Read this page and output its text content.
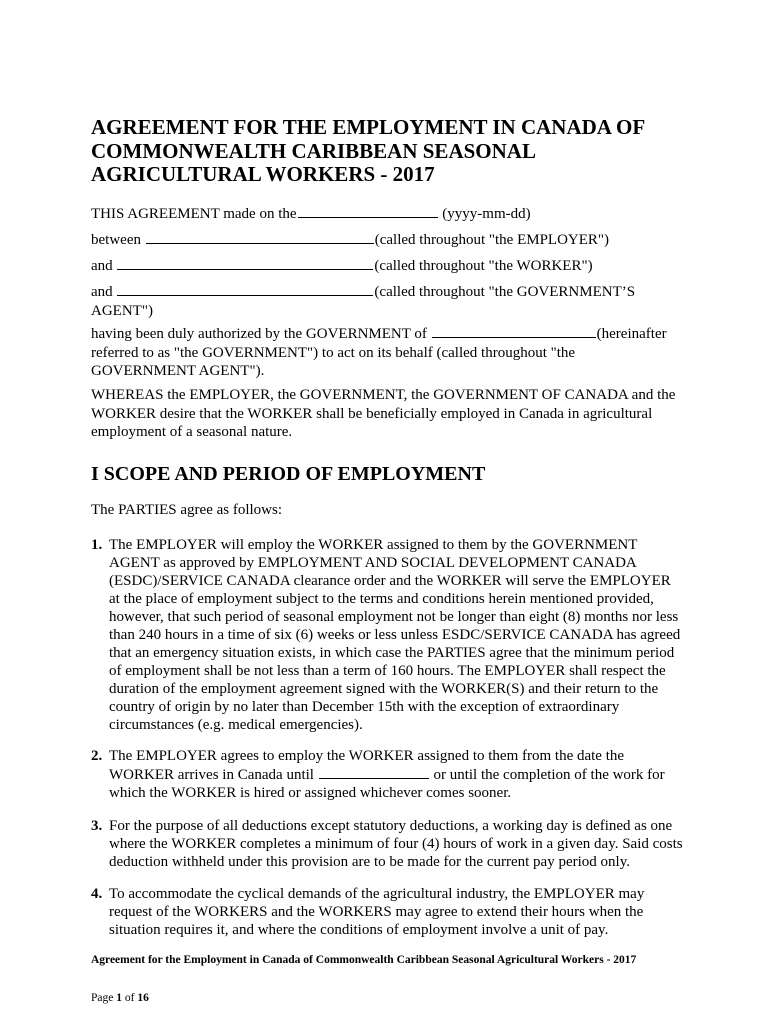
AGREEMENT FOR THE EMPLOYMENT IN CANADA OF
COMMONWEALTH CARIBBEAN SEASONAL
AGRICULTURAL WORKERS - 2017
THIS AGREEMENT made on the	(yyyy-mm-dd)
between	(called throughout "the EMPLOYER")
and	(called throughout "the WORKER")
and	(called throughout "the GOVERNMENT’S
AGENT")
having been duly authorized by the GOVERNMENT of	(hereinafter
referred to as "the GOVERNMENT") to act on its behalf (called throughout "the
GOVERNMENT AGENT").
WHEREAS the EMPLOYER, the GOVERNMENT, the GOVERNMENT OF CANADA and the WORKER desire that the WORKER shall be beneficially employed in Canada in agricultural employment of a seasonal nature.
I SCOPE AND PERIOD OF EMPLOYMENT
The PARTIES agree as follows:
1. The EMPLOYER will employ the WORKER assigned to them by the GOVERNMENT AGENT as approved by EMPLOYMENT AND SOCIAL DEVELOPMENT CANADA (ESDC)/SERVICE CANADA clearance order and the WORKER will serve the EMPLOYER at the place of employment subject to the terms and conditions herein mentioned provided, however, that such period of seasonal employment not be longer than eight (8) months nor less than 240 hours in a time of six (6) weeks or less unless ESDC/SERVICE CANADA has agreed that an emergency situation exists, in which case the PARTIES agree that the minimum period of employment shall be not less than a term of 160 hours. The EMPLOYER shall respect the duration of the employment agreement signed with the WORKER(S) and their return to the country of origin by no later than December 15th with the exception of extraordinary circumstances (e.g. medical emergencies).
2. The EMPLOYER agrees to employ the WORKER assigned to them from the date the WORKER arrives in Canada until	or until the completion of the work for which the WORKER is hired or assigned whichever comes sooner.
3. For the purpose of all deductions except statutory deductions, a working day is defined as one where the WORKER completes a minimum of four (4) hours of work in a given day. Said costs deduction withheld under this provision are to be made for the current pay period only.
4. To accommodate the cyclical demands of the agricultural industry, the EMPLOYER may request of the WORKERS and the WORKERS may agree to extend their hours when the situation requires it, and where the conditions of employment involve a unit of pay.
Agreement for the Employment in Canada of Commonwealth Caribbean Seasonal Agricultural Workers - 2017
Page 1 of 16
